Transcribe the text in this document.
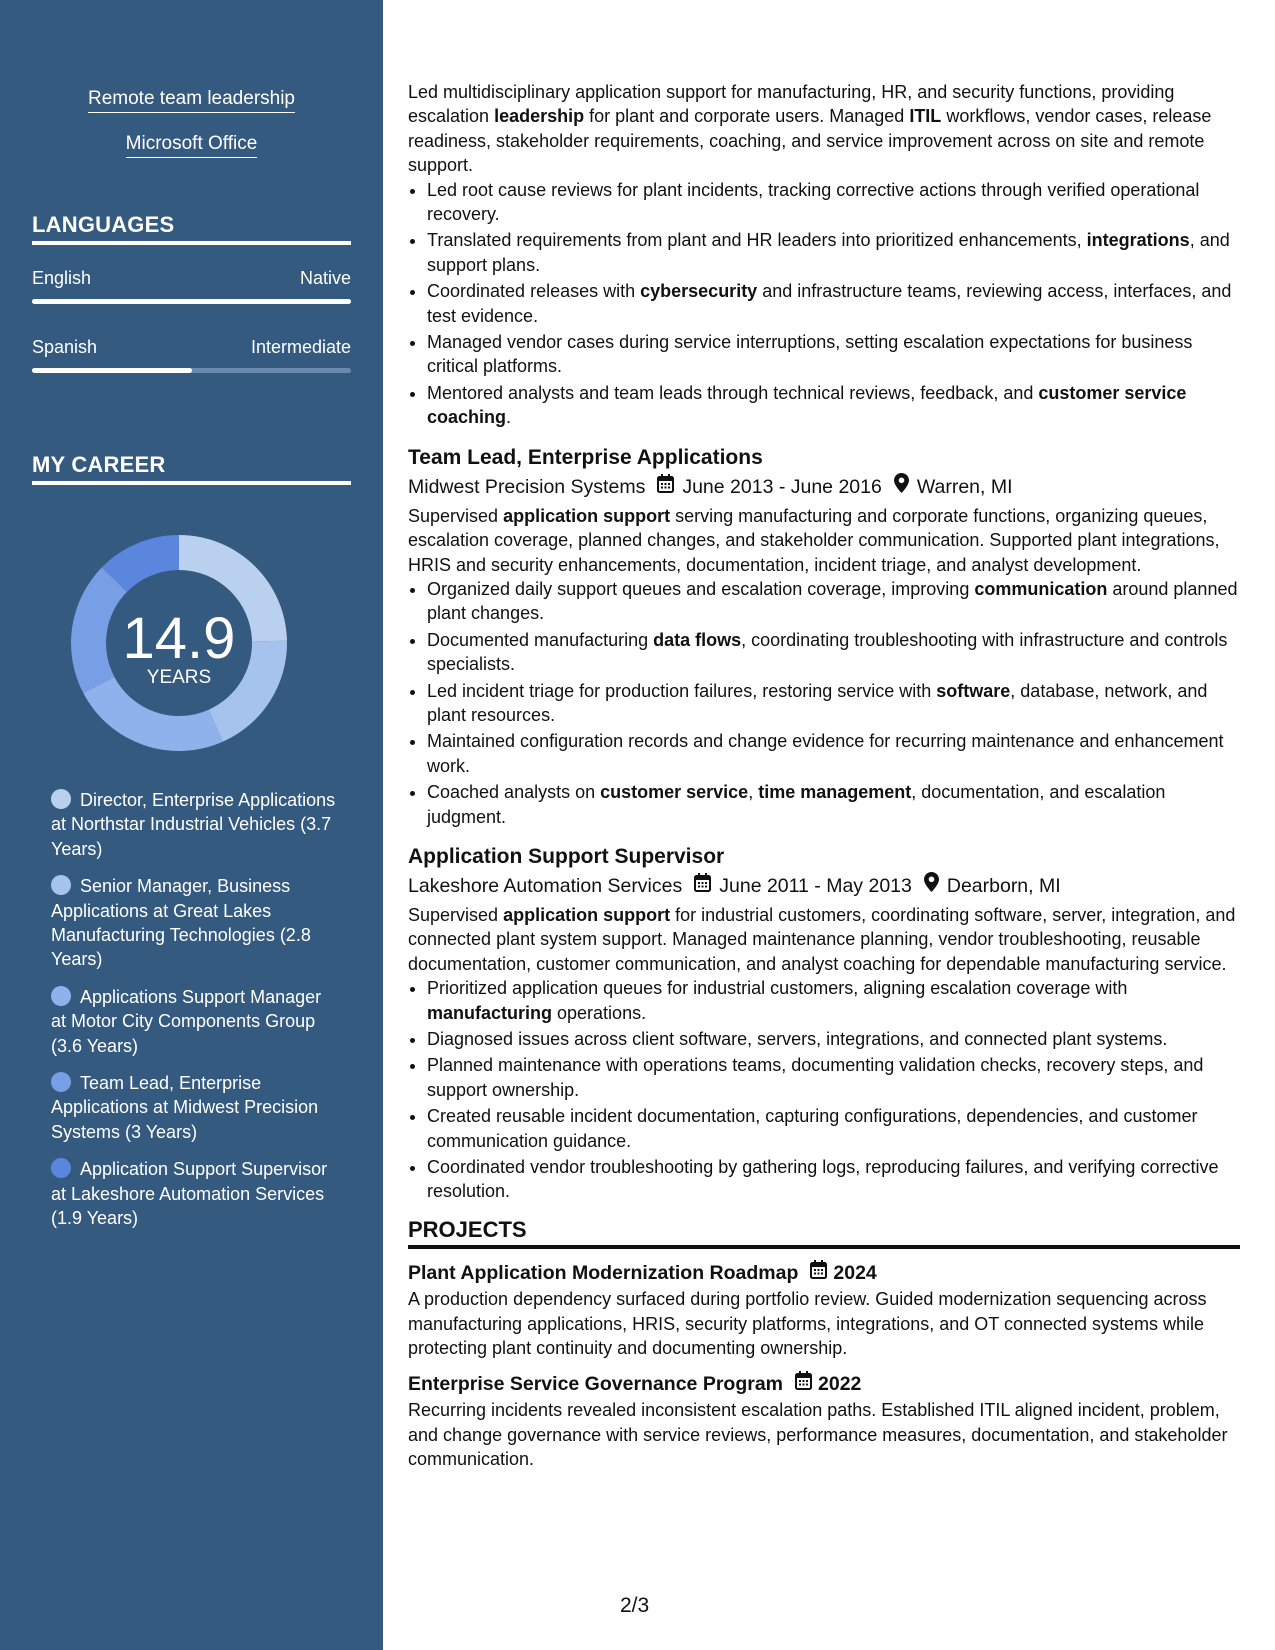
Remote team leadership
Microsoft Office
LANGUAGES
English	Native
Spanish	Intermediate
MY CAREER
14.9
YEARS
Director, Enterprise Applications at Northstar Industrial Vehicles (3.7 Years)
Senior Manager, Business Applications at Great Lakes Manufacturing Technologies (2.8 Years)
Applications Support Manager at Motor City Components Group (3.6 Years)
Team Lead, Enterprise Applications at Midwest Precision Systems (3 Years)
Application Support Supervisor at Lakeshore Automation Services (1.9 Years)

Led multidisciplinary application support for manufacturing, HR, and security functions, providing escalation leadership for plant and corporate users. Managed ITIL workflows, vendor cases, release readiness, stakeholder requirements, coaching, and service improvement across on site and remote support.

• Led root cause reviews for plant incidents, tracking corrective actions through verified operational recovery.
• Translated requirements from plant and HR leaders into prioritized enhancements, integrations, and support plans.
• Coordinated releases with cybersecurity and infrastructure teams, reviewing access, interfaces, and test evidence.
• Managed vendor cases during service interruptions, setting escalation expectations for business critical platforms.
• Mentored analysts and team leads through technical reviews, feedback, and customer service coaching.
Team Lead, Enterprise Applications
Midwest Precision Systems June 2013 - June 2016 Warren, MI

Supervised application support serving manufacturing and corporate functions, organizing queues, escalation coverage, planned changes, and stakeholder communication. Supported plant integrations, HRIS and security enhancements, documentation, incident triage, and analyst development.

• Organized daily support queues and escalation coverage, improving communication around planned plant changes.
• Documented manufacturing data flows, coordinating troubleshooting with infrastructure and controls specialists.
• Led incident triage for production failures, restoring service with software, database, network, and plant resources.
• Maintained configuration records and change evidence for recurring maintenance and enhancement work.
• Coached analysts on customer service, time management, documentation, and escalation judgment.
Application Support Supervisor
Lakeshore Automation Services June 2011 - May 2013 Dearborn, MI

Supervised application support for industrial customers, coordinating software, server, integration, and connected plant system support. Managed maintenance planning, vendor troubleshooting, reusable documentation, customer communication, and analyst coaching for dependable manufacturing service.

• Prioritized application queues for industrial customers, aligning escalation coverage with manufacturing operations.
• Diagnosed issues across client software, servers, integrations, and connected plant systems.
• Planned maintenance with operations teams, documenting validation checks, recovery steps, and support ownership.
• Created reusable incident documentation, capturing configurations, dependencies, and customer communication guidance.
• Coordinated vendor troubleshooting by gathering logs, reproducing failures, and verifying corrective resolution.
PROJECTS
Plant Application Modernization Roadmap 2024

A production dependency surfaced during portfolio review. Guided modernization sequencing across manufacturing applications, HRIS, security platforms, integrations, and OT connected systems while protecting plant continuity and documenting ownership.

Enterprise Service Governance Program 2022

Recurring incidents revealed inconsistent escalation paths. Established ITIL aligned incident, problem, and change governance with service reviews, performance measures, documentation, and stakeholder communication.

2/3
